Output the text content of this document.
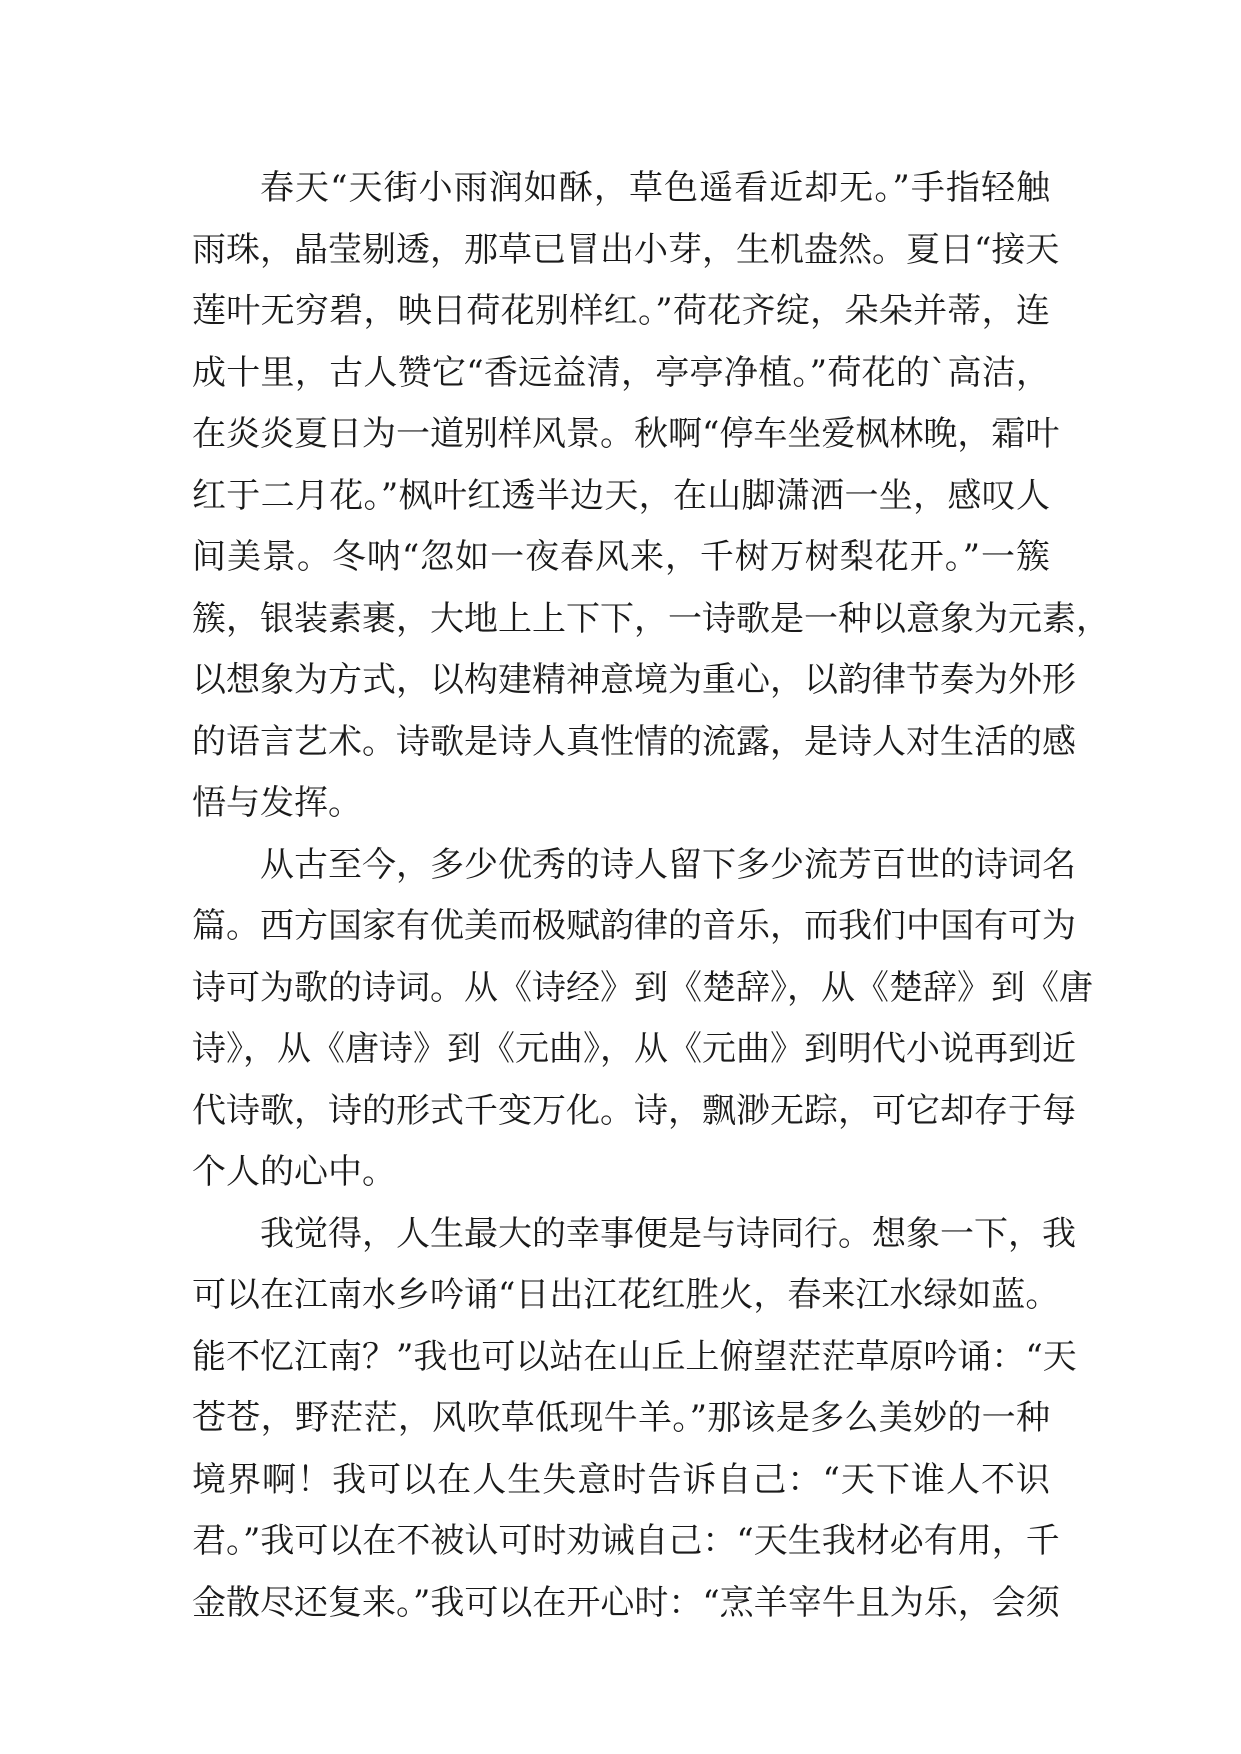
春天“天街小雨润如酥，草色遥看近却无。”手指轻触
雨珠，晶莹剔透，那草已冒出小芽，生机盎然。夏日“接天
莲叶无穷碧，映日荷花别样红。”荷花齐绽，朵朵并蒂，连
成十里，古人赞它“香远益清，亭亭净植。”荷花的`高洁，
在炎炎夏日为一道别样风景。秋啊“停车坐爱枫林晚，霜叶
红于二月花。”枫叶红透半边天，在山脚潇洒一坐，感叹人
间美景。冬呐“忽如一夜春风来，千树万树梨花开。”一簇
簇，银装素裹，大地上上下下，一诗歌是一种以意象为元素，
以想象为方式，以构建精神意境为重心，以韵律节奏为外形
的语言艺术。诗歌是诗人真性情的流露，是诗人对生活的感
悟与发挥。
从古至今，多少优秀的诗人留下多少流芳百世的诗词名
篇。西方国家有优美而极赋韵律的音乐，而我们中国有可为
诗可为歌的诗词。从《诗经》到《楚辞》，从《楚辞》到《唐
诗》，从《唐诗》到《元曲》，从《元曲》到明代小说再到近
代诗歌，诗的形式千变万化。诗，飘渺无踪，可它却存于每
个人的心中。
我觉得，人生最大的幸事便是与诗同行。想象一下，我
可以在江南水乡吟诵“日出江花红胜火，春来江水绿如蓝。
能不忆江南？”我也可以站在山丘上俯望茫茫草原吟诵：“天
苍苍，野茫茫，风吹草低现牛羊。”那该是多么美妙的一种
境界啊！我可以在人生失意时告诉自己：“天下谁人不识
君。”我可以在不被认可时劝诫自己：“天生我材必有用，千
金散尽还复来。”我可以在开心时：“烹羊宰牛且为乐，会须
